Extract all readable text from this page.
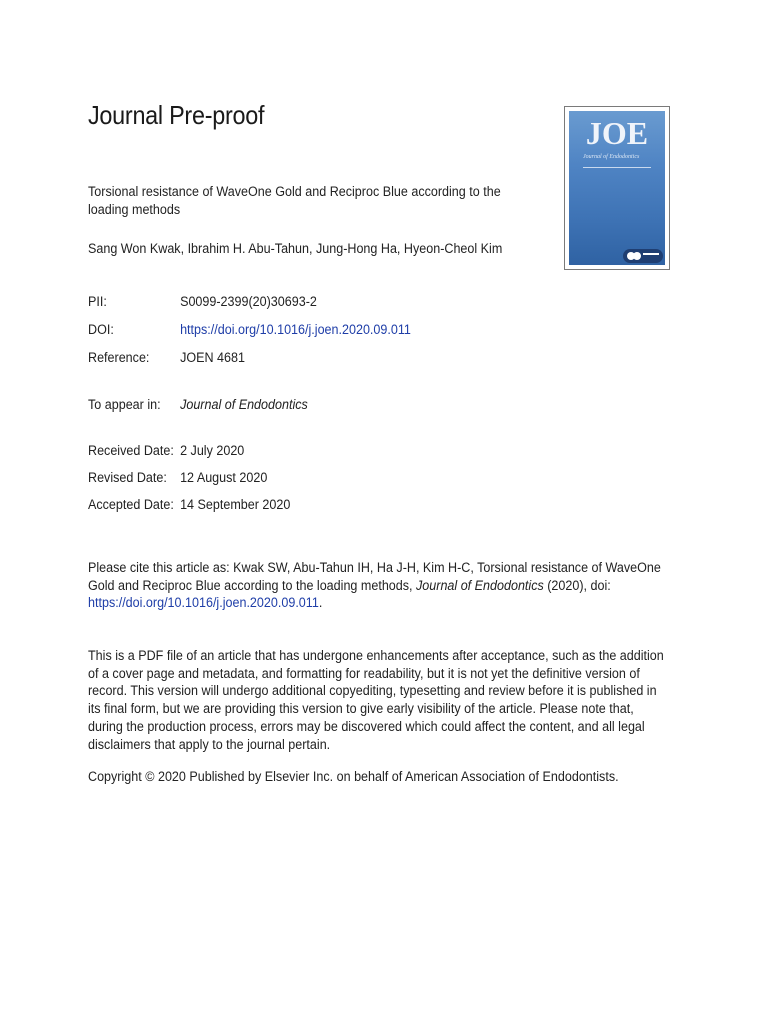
Journal Pre-proof	JOE
Journal of Endodontics
Torsional resistance of WaveOne Gold and Reciproc Blue according to the loading methods
Sang Won Kwak, Ibrahim H. Abu-Tahun, Jung-Hong Ha, Hyeon-Cheol Kim
PII:	S0099-2399(20)30693-2
DOI:	https://doi.org/10.1016/j.joen.2020.09.011
Reference: JOEN 4681
To appear in: Journal of Endodontics
Received Date: 2 July 2020
Revised Date: 12 August 2020
Accepted Date: 14 September 2020

Please cite this article as: Kwak SW, Abu-Tahun IH, Ha J-H, Kim H-C, Torsional resistance of WaveOne Gold and Reciproc Blue according to the loading methods, Journal of Endodontics (2020), doi: https://doi.org/10.1016/j.joen.2020.09.011.

This is a PDF file of an article that has undergone enhancements after acceptance, such as the addition of a cover page and metadata, and formatting for readability, but it is not yet the definitive version of record. This version will undergo additional copyediting, typesetting and review before it is published in its final form, but we are providing this version to give early visibility of the article. Please note that, during the production process, errors may be discovered which could affect the content, and all legal disclaimers that apply to the journal pertain.

Copyright © 2020 Published by Elsevier Inc. on behalf of American Association of Endodontists.
